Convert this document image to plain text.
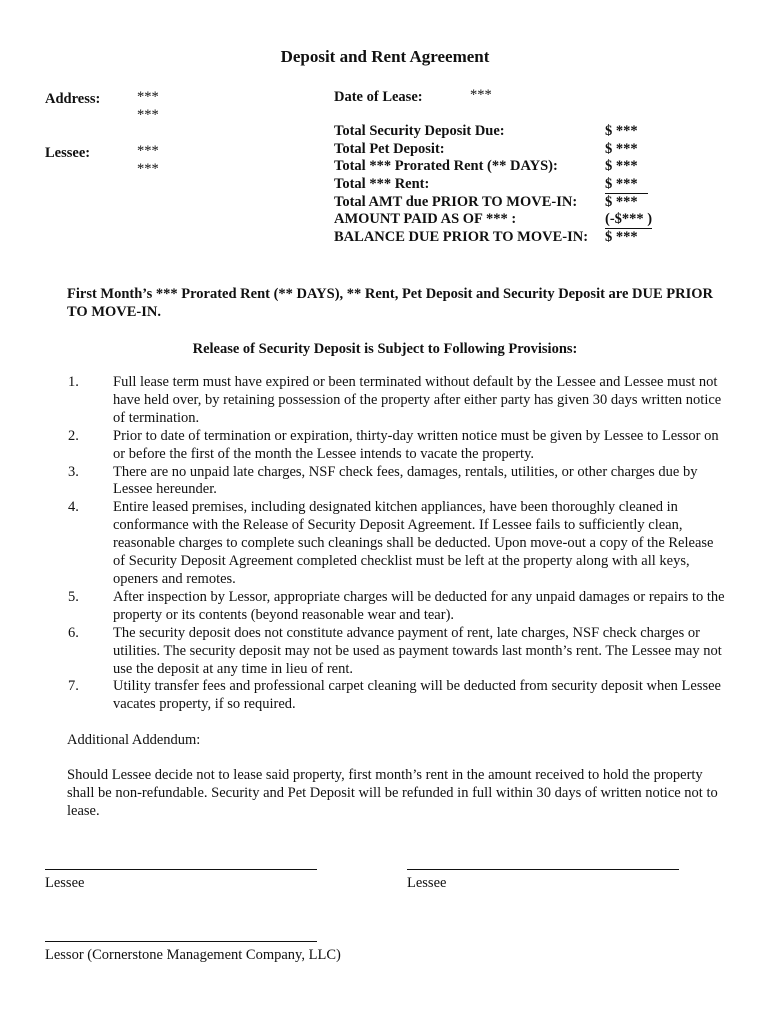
Deposit and Rent Agreement
Address:	***
***
Lessee:	***
***
Date of Lease:	***
Total Security Deposit Due:	$ ***
Total Pet Deposit:	$ ***
Total *** Prorated Rent (** DAYS):	$ ***
Total *** Rent:	$ ***
Total AMT due PRIOR TO MOVE-IN: $ ***
AMOUNT PAID AS OF *** :	(-$*** )
BALANCE DUE PRIOR TO MOVE-IN: $ ***
First Month’s *** Prorated Rent (** DAYS), ** Rent, Pet Deposit and Security Deposit are DUE PRIOR TO MOVE-IN.
Release of Security Deposit is Subject to Following Provisions:
1. Full lease term must have expired or been terminated without default by the Lessee and Lessee must not have held over, by retaining possession of the property after either party has given 30 days written notice of termination.
2. Prior to date of termination or expiration, thirty-day written notice must be given by Lessee to Lessor on or before the first of the month the Lessee intends to vacate the property.
3. There are no unpaid late charges, NSF check fees, damages, rentals, utilities, or other charges due by Lessee hereunder.
4. Entire leased premises, including designated kitchen appliances, have been thoroughly cleaned in conformance with the Release of Security Deposit Agreement. If Lessee fails to sufficiently clean, reasonable charges to complete such cleanings shall be deducted. Upon move-out a copy of the Release of Security Deposit Agreement completed checklist must be left at the property along with all keys, openers and remotes.
5. After inspection by Lessor, appropriate charges will be deducted for any unpaid damages or repairs to the property or its contents (beyond reasonable wear and tear).
6. The security deposit does not constitute advance payment of rent, late charges, NSF check charges or utilities. The security deposit may not be used as payment towards last month’s rent. The Lessee may not use the deposit at any time in lieu of rent.
7. Utility transfer fees and professional carpet cleaning will be deducted from security deposit when Lessee vacates property, if so required.
Additional Addendum:
Should Lessee decide not to lease said property, first month’s rent in the amount received to hold the property shall be non-refundable. Security and Pet Deposit will be refunded in full within 30 days of written notice not to lease.
Lessee	Lessee
Lessor (Cornerstone Management Company, LLC)
